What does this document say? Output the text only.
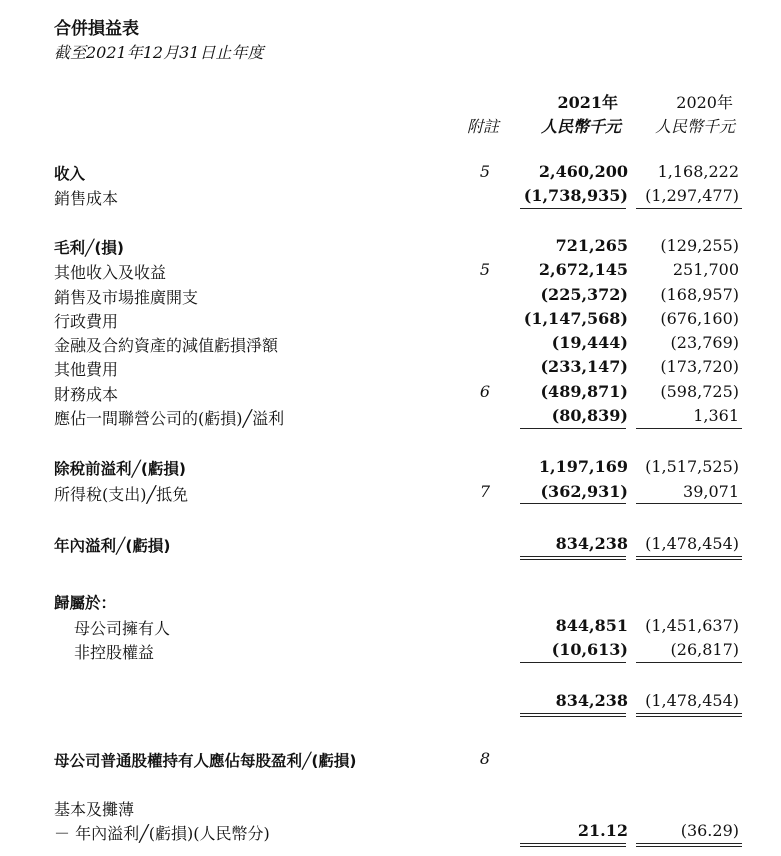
合併損益表
截至2021年12月31日止年度
2021年	2020年
附註	人民幣千元 人民幣千元
收入	5	2,460,200 1,168,222
銷售成本	(1,738,935) (1,297,477)
毛利╱(損)	721,265 (129,255)
其他收入及收益	5	2,672,145	251,700
銷售及市場推廣開支	(225,372) (168,957)
行政費用	(1,147,568) (676,160)
金融及合約資產的減值虧損淨額	(19,444)	(23,769)
其他費用	(233,147) (173,720)
財務成本	6	(489,871) (598,725)
應佔一間聯營公司的(虧損)╱溢利	(80,839)	1,361
除稅前溢利╱(虧損)	1,197,169 (1,517,525)
所得稅(支出)╱抵免	7	(362,931)	39,071
年內溢利╱(虧損)	834,238 (1,478,454)
歸屬於：
母公司擁有人	844,851 (1,451,637)
非控股權益	(10,613)	(26,817)
834,238 (1,478,454)
母公司普通股權持有人應佔每股盈利╱(虧損)	8
基本及攤薄
－ 年內溢利╱(虧損)(人民幣分)	21.12	(36.29)
